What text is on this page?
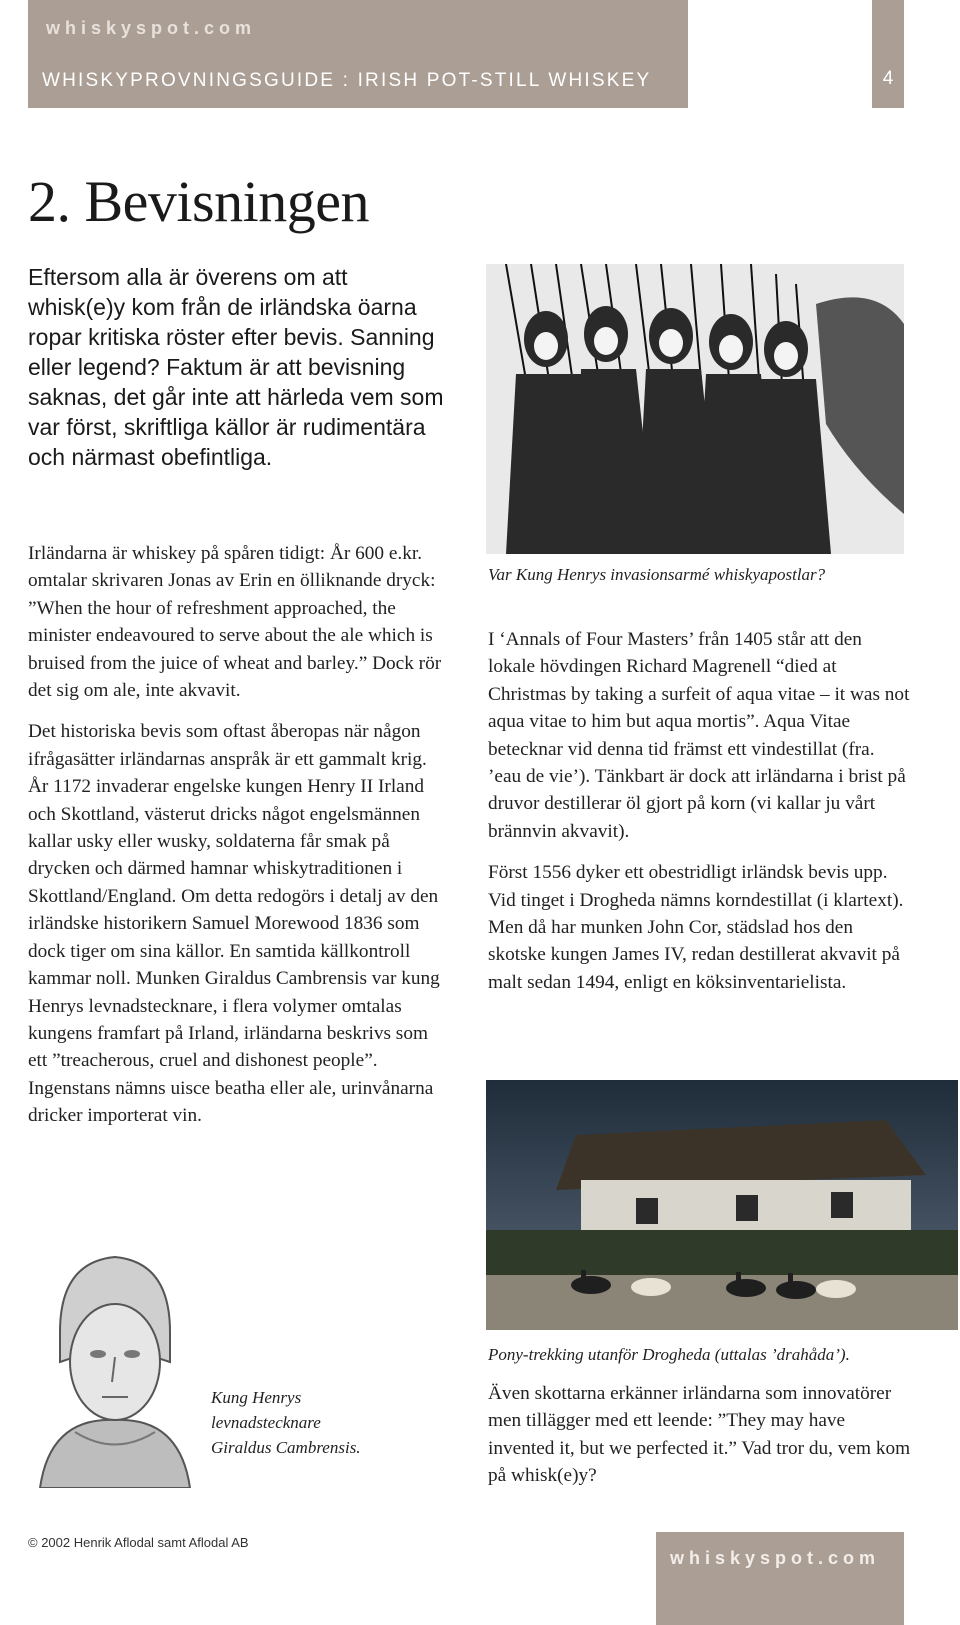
whiskyspot.com
WHISKYPROVNINGSGUIDE : IRISH POT-STILL WHISKEY	4
2. Bevisningen

Eftersom alla är överens om att whisk(e)y kom från de irländska öarna ropar kritiska röster efter bevis. Sanning eller legend? Faktum är att bevisning saknas, det går inte att härleda vem som var först, skriftliga källor är rudimentära och närmast obefintliga.

Var Kung Henrys invasionsarmé whiskyapostlar?

Irländarna är whiskey på spåren tidigt: År 600 e.kr. omtalar skrivaren Jonas av Erin en ölliknande dryck: ”When the hour of refreshment approached, the minister endeavoured to serve about the ale which is bruised from the juice of wheat and barley.” Dock rör det sig om ale, inte akvavit.

Det historiska bevis som oftast åberopas när någon ifrågasätter irländarnas anspråk är ett gammalt krig. År 1172 invaderar engelske kungen Henry II Irland och Skottland, västerut dricks något engelsmännen kallar usky eller wusky, soldaterna får smak på drycken och därmed hamnar whiskytraditionen i Skottland/England. Om detta redogörs i detalj av den irländske historikern Samuel Morewood 1836 som dock tiger om sina källor. En samtida källkontroll kammar noll. Munken Giraldus Cambrensis var kung Henrys levnadstecknare, i flera volymer omtalas kungens framfart på Irland, irländarna beskrivs som ett ”treacherous, cruel and dishonest people”. Ingenstans nämns uisce beatha eller ale, urinvånarna dricker importerat vin.

I ‘Annals of Four Masters’ från 1405 står att den lokale hövdingen Richard Magrenell “died at Christmas by taking a surfeit of aqua vitae – it was not aqua vitae to him but aqua mortis”. Aqua Vitae betecknar vid denna tid främst ett vindestillat (fra. ’eau de vie’). Tänkbart är dock att irländarna i brist på druvor destillerar öl gjort på korn (vi kallar ju vårt brännvin akvavit).

Först 1556 dyker ett obestridligt irländsk bevis upp. Vid tinget i Drogheda nämns korndestillat (i klartext). Men då har munken John Cor, städslad hos den skotske kungen James IV, redan destillerat akvavit på malt sedan 1494, enligt en köksinventarielista.

Pony-trekking utanför Drogheda (uttalas ’drahåda’).

Även skottarna erkänner irländarna som innovatörer men tillägger med ett leende: ”They may have invented it, but we perfected it.” Vad tror du, vem kom på whisk(e)y?

Kung Henrys
levnadstecknare
Giraldus Cambrensis.
© 2002 Henrik Aflodal samt Aflodal AB
whiskyspot.com
